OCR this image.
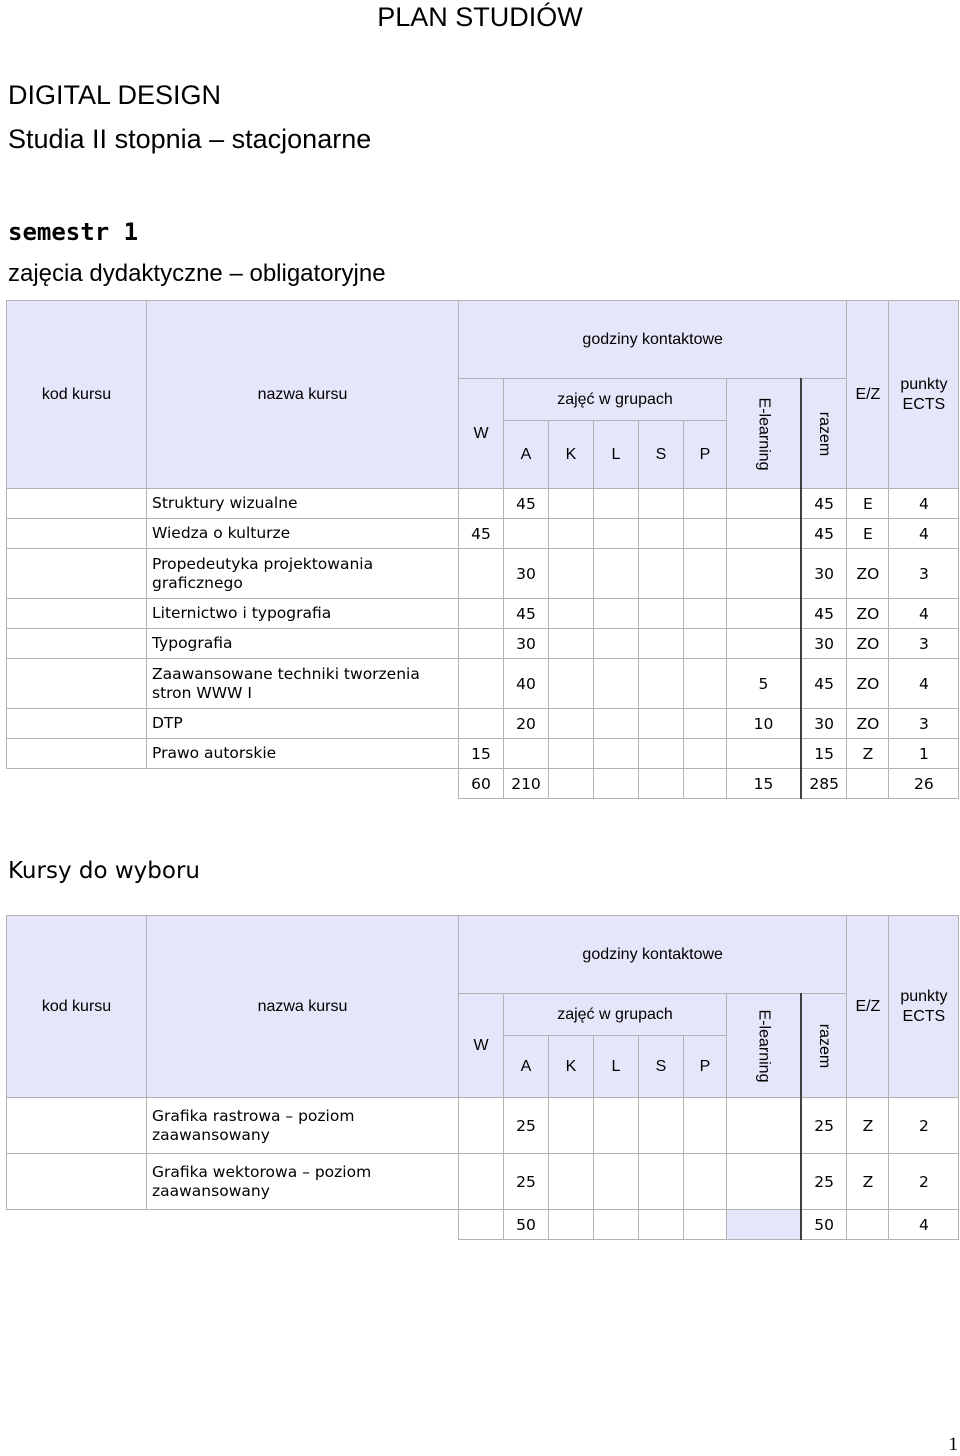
PLAN STUDIÓW
DIGITAL DESIGN
Studia II stopnia – stacjonarne
semestr 1
zajęcia dydaktyczne – obligatoryjne
kod kursu	nazwa kursu	godziny kontaktowe								E/Z	punkty ECTS
		W	zajęć w grupach					E-learning	razem		
			A	K	L	S	P				
	Struktury wizualne		45						45	E	4
	Wiedza o kulturze	45							45	E	4
	Propedeutyka projektowania graficznego		30						30	ZO	3
	Liternictwo i typografia		45						45	ZO	4
	Typografia		30						30	ZO	3
	Zaawansowane techniki tworzenia stron WWW I		40					5	45	ZO	4
	DTP		20					10	30	ZO	3
	Prawo autorskie	15							15	Z	1
		60	210					15	285		26
Kursy do wyboru
kod kursu	nazwa kursu	godziny kontaktowe								E/Z	punkty ECTS
		W	zajęć w grupach					E-learning	razem		
			A	K	L	S	P				
	Grafika rastrowa – poziom zaawansowany		25						25	Z	2
	Grafika wektorowa – poziom zaawansowany		25						25	Z	2
			50						50		4
1
